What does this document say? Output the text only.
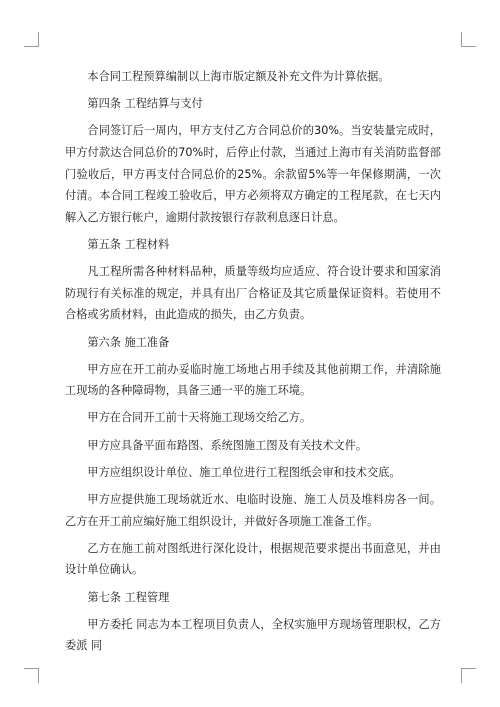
本合同工程预算编制以上海市版定额及补充文件为计算依据。

第四条 工程结算与支付

合同签订后一周内，甲方支付乙方合同总价的30%。当安装量完成时，甲方付款达合同总价的70%时，后停止付款，当通过上海市有关消防监督部门验收后，甲方再支付合同总价的25%。余款留5%等一年保修期满，一次付清。本合同工程竣工验收后，甲方必须将双方确定的工程尾款，在七天内解入乙方银行帐户，逾期付款按银行存款利息逐日计息。

第五条 工程材料

凡工程所需各种材料品种，质量等级均应适应、符合设计要求和国家消防现行有关标准的规定，并具有出厂合格证及其它质量保证资料。若使用不合格或劣质材料，由此造成的损失，由乙方负责。

第六条 施工准备

甲方应在开工前办妥临时施工场地占用手续及其他前期工作，并清除施工现场的各种障碍物，具备三通一平的施工环境。

甲方在合同开工前十天将施工现场交给乙方。

甲方应具备平面布路图、系统图施工图及有关技术文件。

甲方应组织设计单位、施工单位进行工程图纸会审和技术交底。

甲方应提供施工现场就近水、电临时设施、施工人员及堆料房各一间。 乙方在开工前应编好施工组织设计，并做好各项施工准备工作。

乙方在施工前对图纸进行深化设计，根据规范要求提出书面意见，并由设计单位确认。

第七条 工程管理

甲方委托 同志为本工程项目负责人，全权实施甲方现场管理职权，乙方委派 同
